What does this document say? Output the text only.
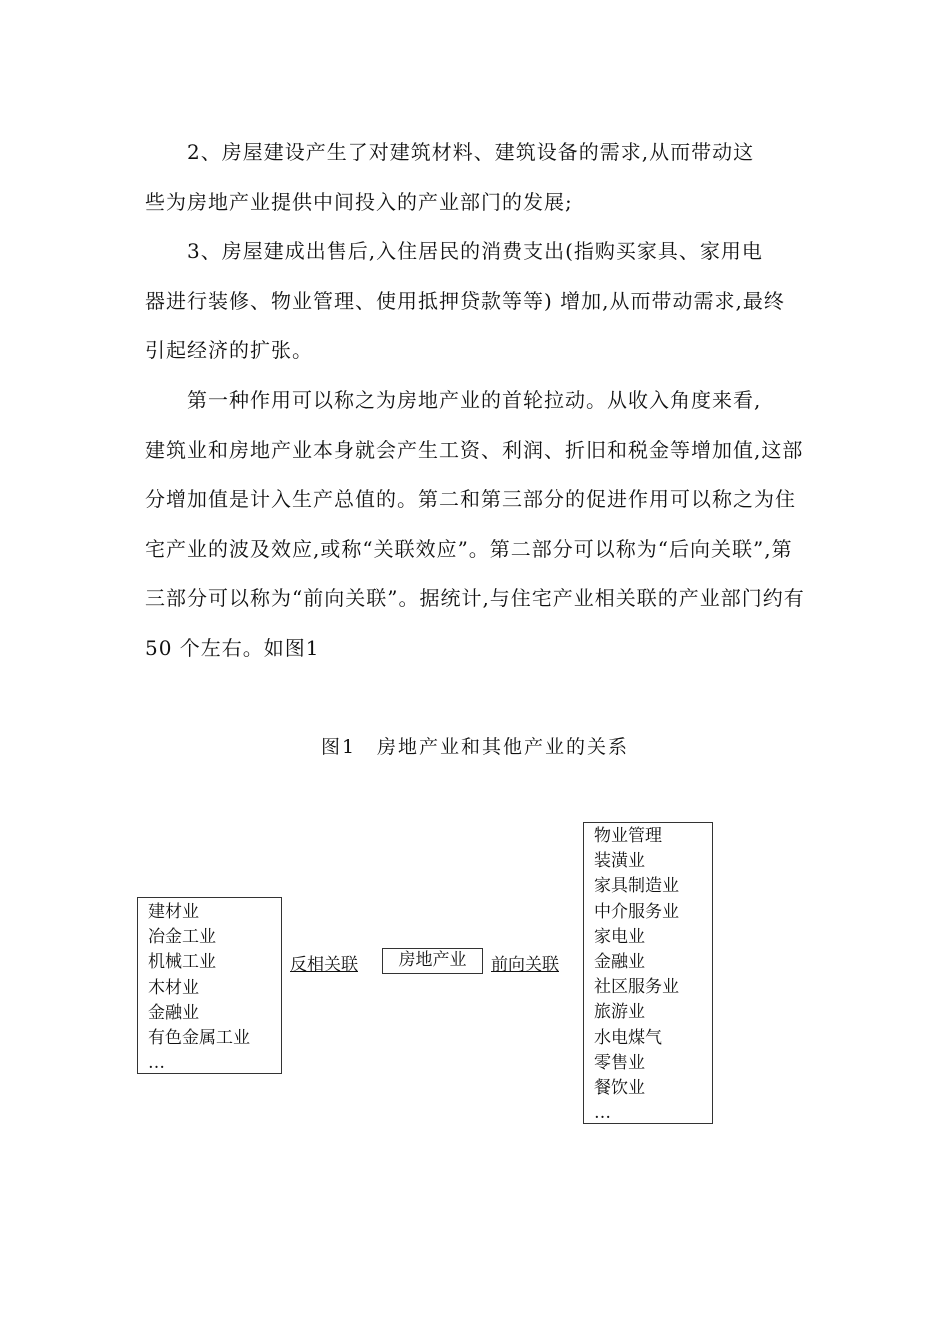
2、房屋建设产生了对建筑材料、建筑设备的需求,从而带动这
些为房地产业提供中间投入的产业部门的发展;
3、房屋建成出售后,入住居民的消费支出(指购买家具、家用电
器进行装修、物业管理、使用抵押贷款等等) 增加,从而带动需求,最终引起经济的扩张。
第一种作用可以称之为房地产业的首轮拉动。从收入角度来看,
建筑业和房地产业本身就会产生工资、利润、折旧和税金等增加值,这部分增加值是计入生产总值的。第二和第三部分的促进作用可以称之为住宅产业的波及效应,或称“关联效应”。第二部分可以称为“后向关联”,第三部分可以称为“前向关联”。据统计,与住宅产业相关联的产业部门约有50 个左右。如图1
图1　房地产业和其他产业的关系
建材业
冶金工业
机械工业
木材业
金融业
有色金属工业
…
反相关联	房地产业	前向关联
物业管理
装潢业
家具制造业
中介服务业
家电业
金融业
社区服务业
旅游业
水电煤气
零售业
餐饮业
…
